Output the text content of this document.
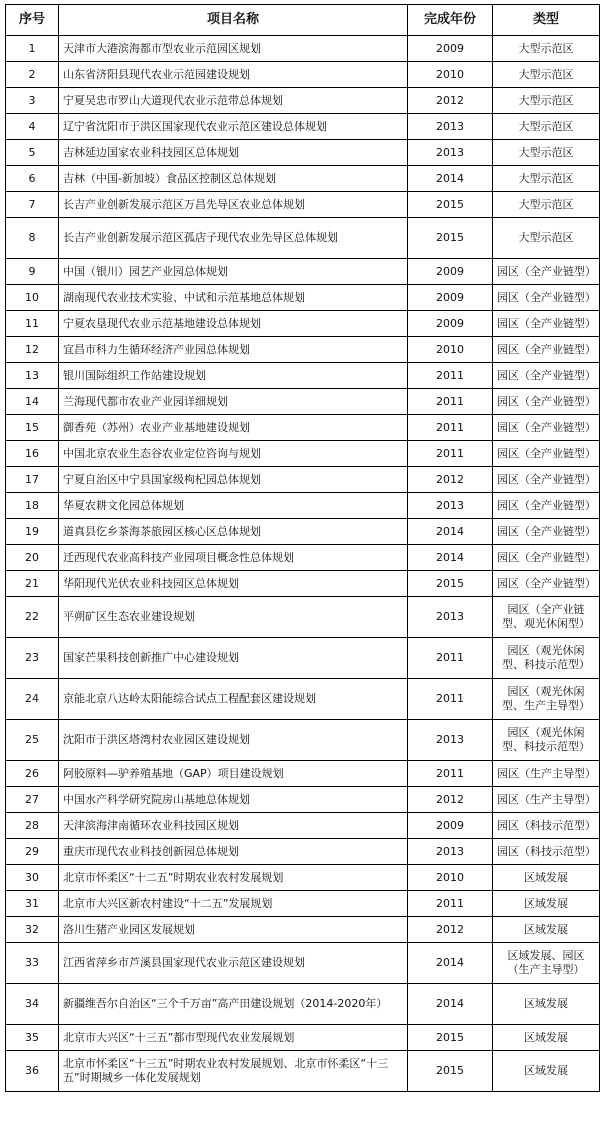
序号	项目名称	完成年份	类型
1	天津市大港滨海都市型农业示范园区规划	2009	大型示范区
2	山东省济阳县现代农业示范园建设规划	2010	大型示范区
3	宁夏吴忠市罗山大道现代农业示范带总体规划	2012	大型示范区
4	辽宁省沈阳市于洪区国家现代农业示范区建设总体规划	2013	大型示范区
5	吉林延边国家农业科技园区总体规划	2013	大型示范区
6	吉林（中国-新加坡）食品区控制区总体规划	2014	大型示范区
7	长吉产业创新发展示范区万昌先导区农业总体规划	2015	大型示范区
8	长吉产业创新发展示范区孤店子现代农业先导区总体规划	2015	大型示范区
9	中国（银川）园艺产业园总体规划	2009	园区（全产业链型）
10	湖南现代农业技术实验、中试和示范基地总体规划	2009	园区（全产业链型）
11	宁夏农垦现代农业示范基地建设总体规划	2009	园区（全产业链型）
12	宜昌市科力生循环经济产业园总体规划	2010	园区（全产业链型）
13	银川国际组织工作站建设规划	2011	园区（全产业链型）
14	兰海现代都市农业产业园详细规划	2011	园区（全产业链型）
15	御香苑（苏州）农业产业基地建设规划	2011	园区（全产业链型）
16	中国北京农业生态谷农业定位咨询与规划	2011	园区（全产业链型）
17	宁夏自治区中宁县国家级枸杞园总体规划	2012	园区（全产业链型）
18	华夏农耕文化园总体规划	2013	园区（全产业链型）
19	道真县仡乡茶海茶旅园区核心区总体规划	2014	园区（全产业链型）
20	迁西现代农业高科技产业园项目概念性总体规划	2014	园区（全产业链型）
21	华阳现代光伏农业科技园区总体规划	2015	园区（全产业链型）
22	平朔矿区生态农业建设规划	2013	园区（全产业链型、观光休闲型）
23	国家芒果科技创新推广中心建设规划	2011	园区（观光休闲型、科技示范型）
24	京能北京八达岭太阳能综合试点工程配套区建设规划	2011	园区（观光休闲型、生产主导型）
25	沈阳市于洪区塔湾村农业园区建设规划	2013	园区（观光休闲型、科技示范型）
26	阿胶原料—驴养殖基地（GAP）项目建设规划	2011	园区（生产主导型）
27	中国水产科学研究院房山基地总体规划	2012	园区（生产主导型）
28	天津滨海津南循环农业科技园区规划	2009	园区（科技示范型）
29	重庆市现代农业科技创新园总体规划	2013	园区（科技示范型）
30	北京市怀柔区“十二五”时期农业农村发展规划	2010	区域发展
31	北京市大兴区新农村建设“十二五”发展规划	2011	区域发展
32	洛川生猪产业园区发展规划	2012	区域发展
33	江西省萍乡市芦溪县国家现代农业示范区建设规划	2014	区域发展、园区（生产主导型）
34	新疆维吾尔自治区“三个千万亩”高产田建设规划（2014-2020年）	2014	区域发展
35	北京市大兴区“十三五”都市型现代农业发展规划	2015	区域发展
36	北京市怀柔区“十三五”时期农业农村发展规划、北京市怀柔区“十三五”时期城乡一体化发展规划	2015	区域发展
